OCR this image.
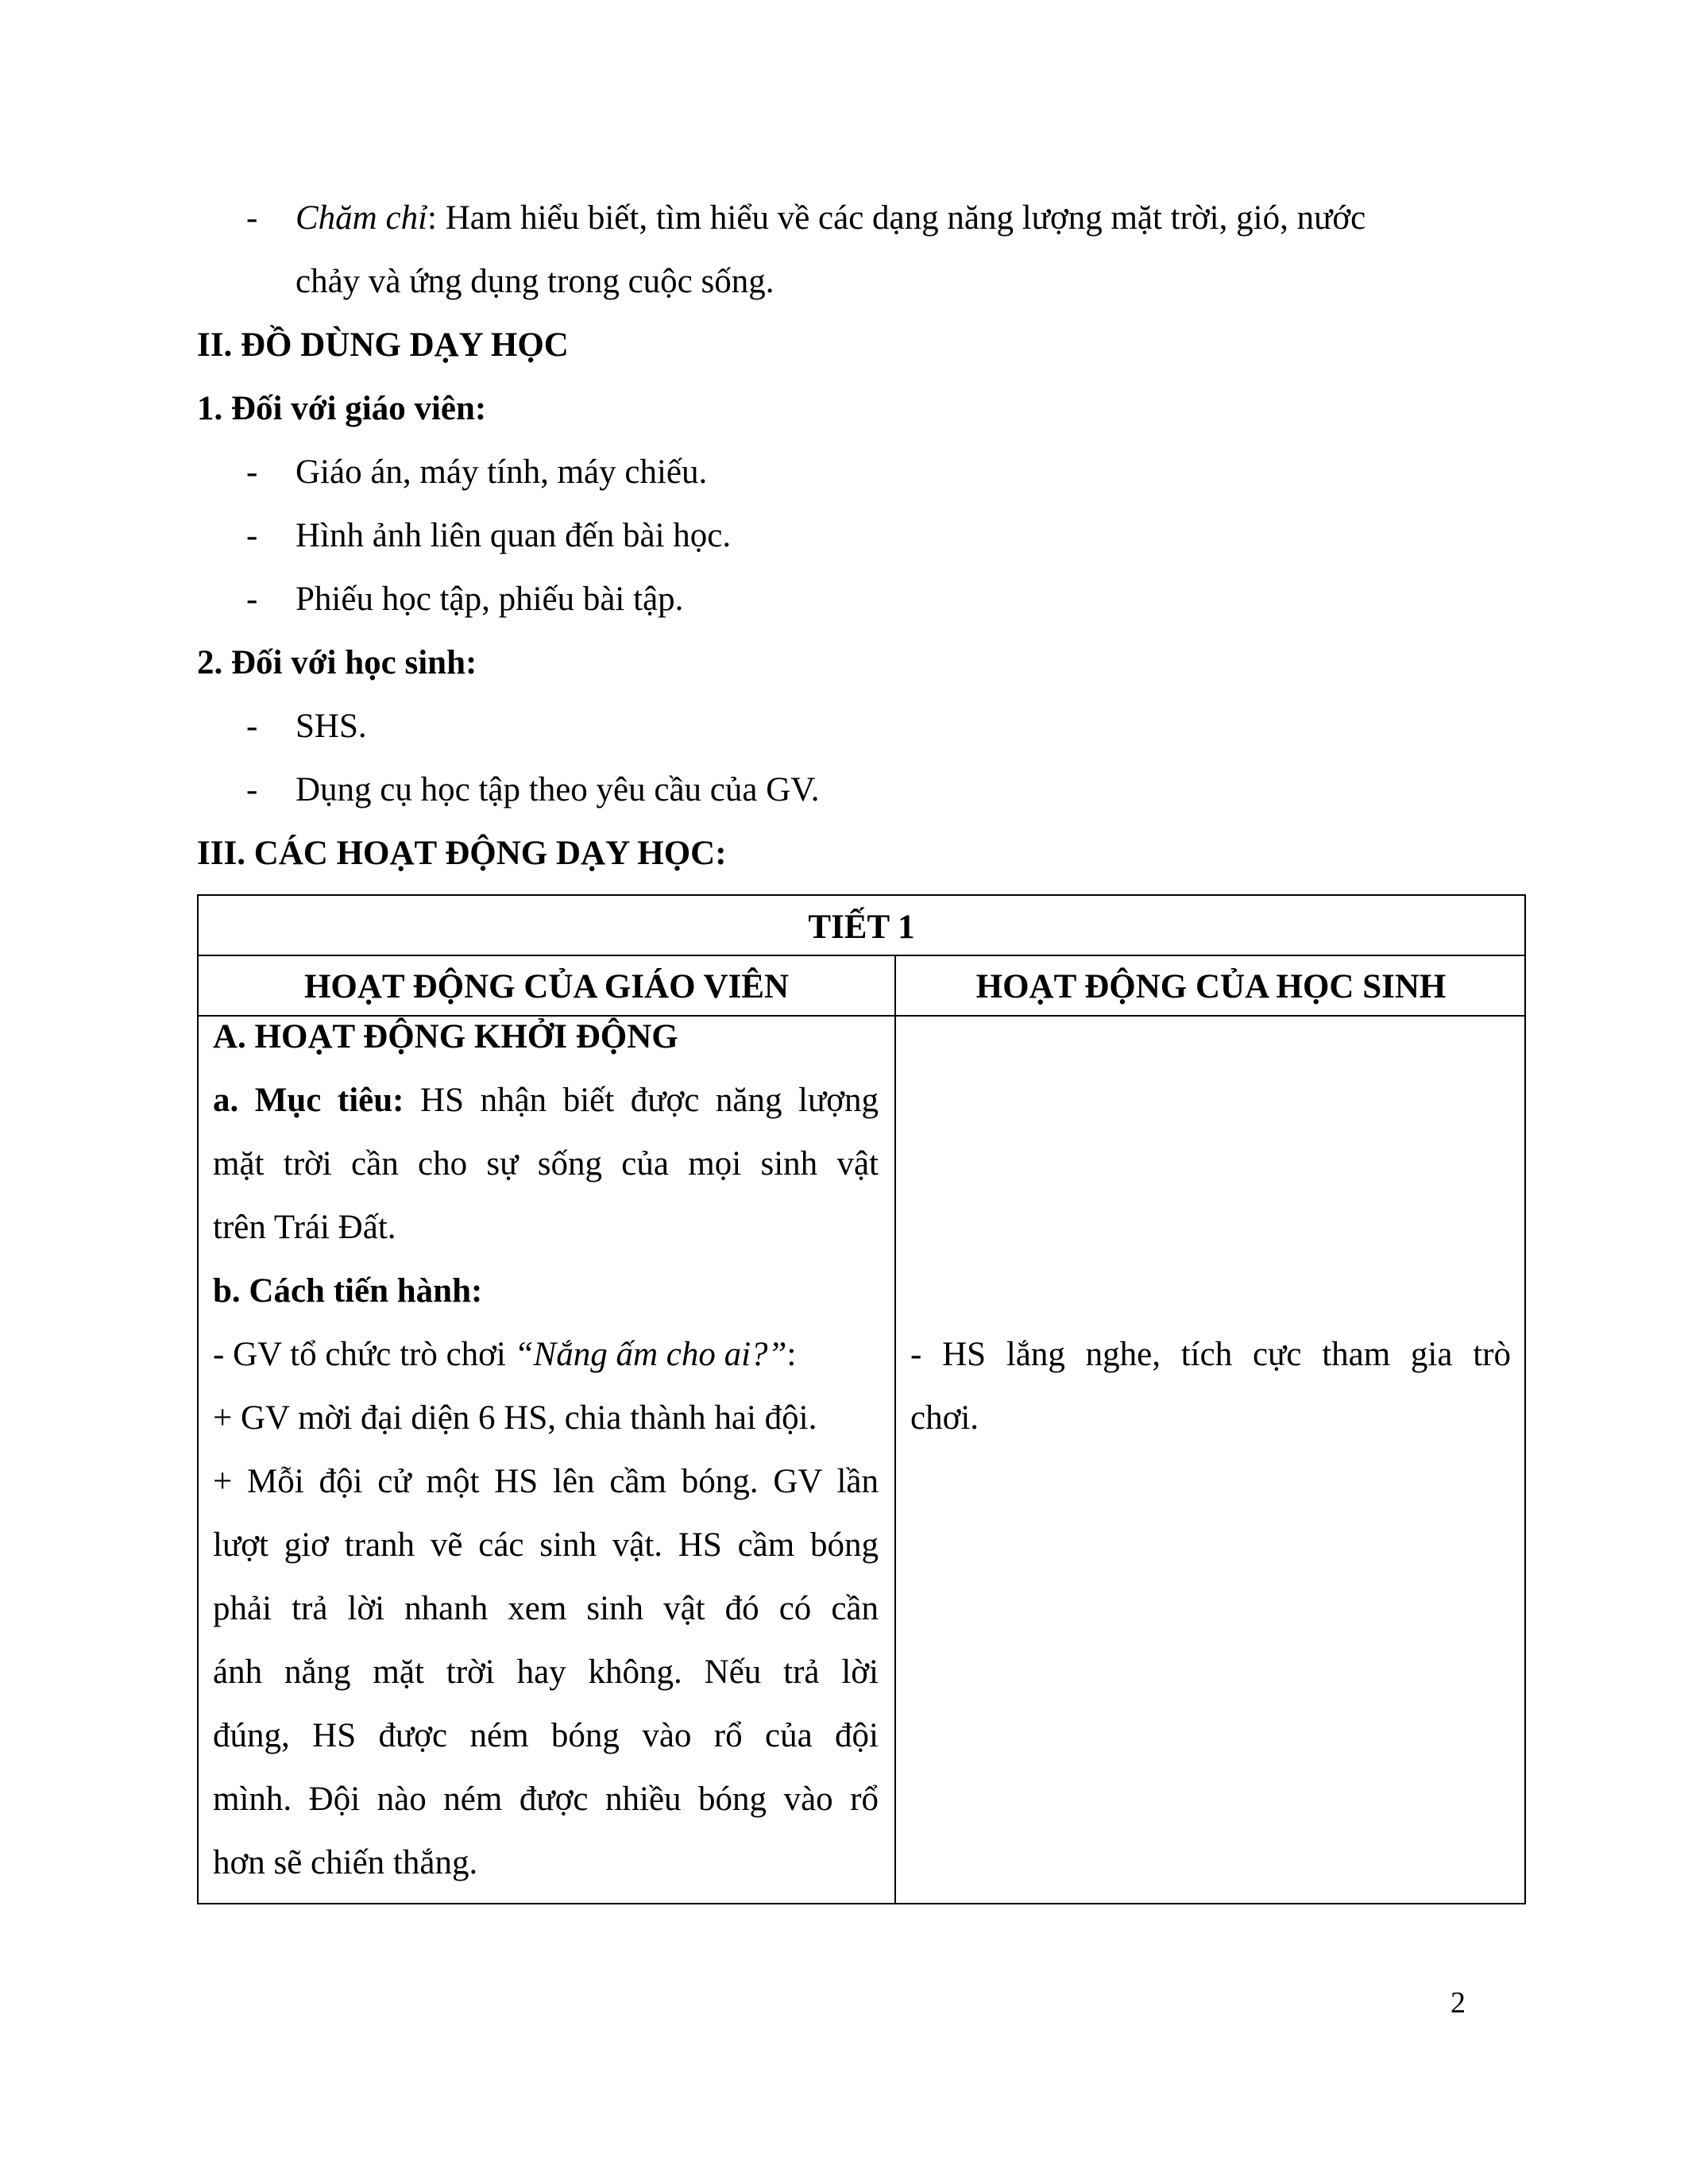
- Chăm chỉ: Ham hiểu biết, tìm hiểu về các dạng năng lượng mặt trời, gió, nước
chảy và ứng dụng trong cuộc sống.
II. ĐỒ DÙNG DẠY HỌC
1. Đối với giáo viên:
- Giáo án, máy tính, máy chiếu.
- Hình ảnh liên quan đến bài học.
- Phiếu học tập, phiếu bài tập.
2. Đối với học sinh:
- SHS.
- Dụng cụ học tập theo yêu cầu của GV.
III. CÁC HOẠT ĐỘNG DẠY HỌC:
TIẾT 1
HOẠT ĐỘNG CỦA GIÁO VIÊN	HOẠT ĐỘNG CỦA HỌC SINH
A. HOẠT ĐỘNG KHỞI ĐỘNG
a. Mục tiêu: HS nhận biết được năng lượng
mặt trời cần cho sự sống của mọi sinh vật
trên Trái Đất.
b. Cách tiến hành:
- GV tổ chức trò chơi “Nắng ấm cho ai?”:
+ GV mời đại diện 6 HS, chia thành hai đội.
+ Mỗi đội cử một HS lên cầm bóng. GV lần
lượt giơ tranh vẽ các sinh vật. HS cầm bóng
phải trả lời nhanh xem sinh vật đó có cần
ánh nắng mặt trời hay không. Nếu trả lời
đúng, HS được ném bóng vào rổ của đội
mình. Đội nào ném được nhiều bóng vào rổ
hơn sẽ chiến thắng.
- HS lắng nghe, tích cực tham gia trò
chơi.
2
